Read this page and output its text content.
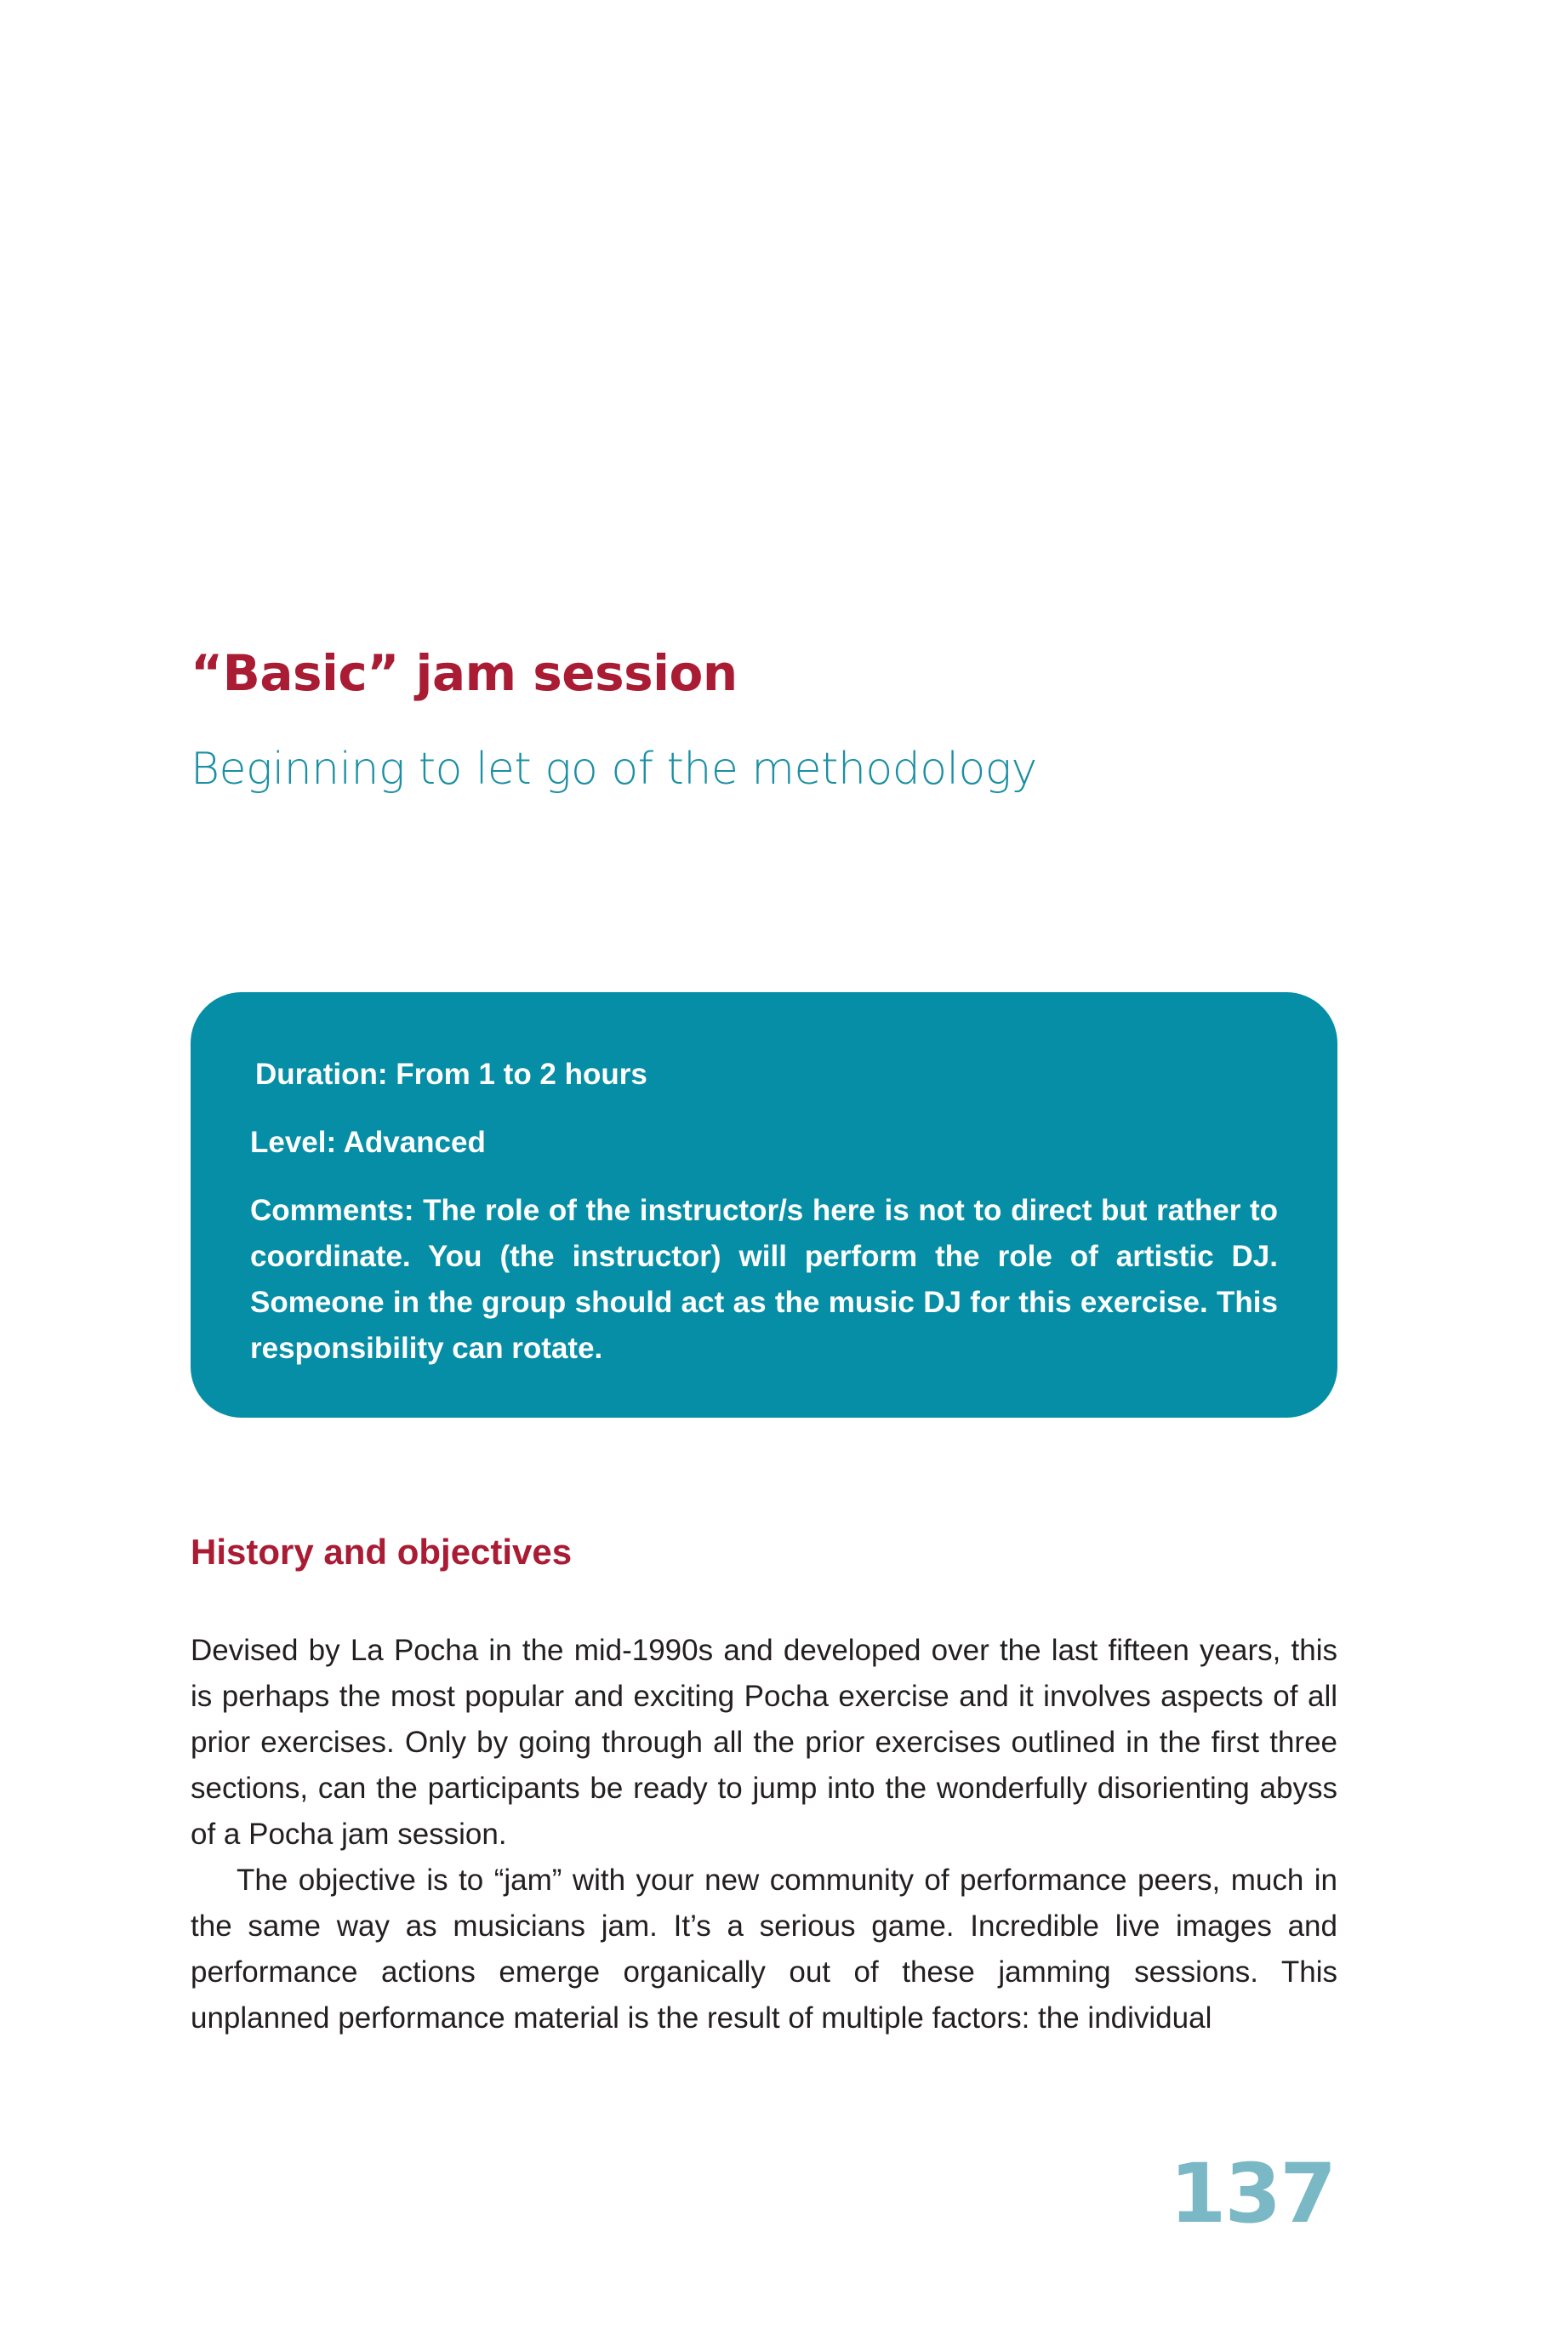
“Basic” jam session
Beginning to let go of the methodology

Duration: From 1 to 2 hours

Level: Advanced

Comments: The role of the instructor/s here is not to direct but rather to coordinate. You (the instructor) will perform the role of artistic DJ. Someone in the group should act as the music DJ for this exercise. This responsibility can rotate.

History and objectives

Devised by La Pocha in the mid-1990s and developed over the last fifteen years, this is perhaps the most popular and exciting Pocha exercise and it involves aspects of all prior exercises. Only by going through all the prior exercises outlined in the first three sections, can the participants be ready to jump into the wonderfully disorienting abyss of a Pocha jam session.

The objective is to “jam” with your new community of performance peers, much in the same way as musicians jam. It’s a serious game. Incredible live images and performance actions emerge organically out of these jamming sessions. This unplanned performance material is the result of multiple factors: the individual

137
